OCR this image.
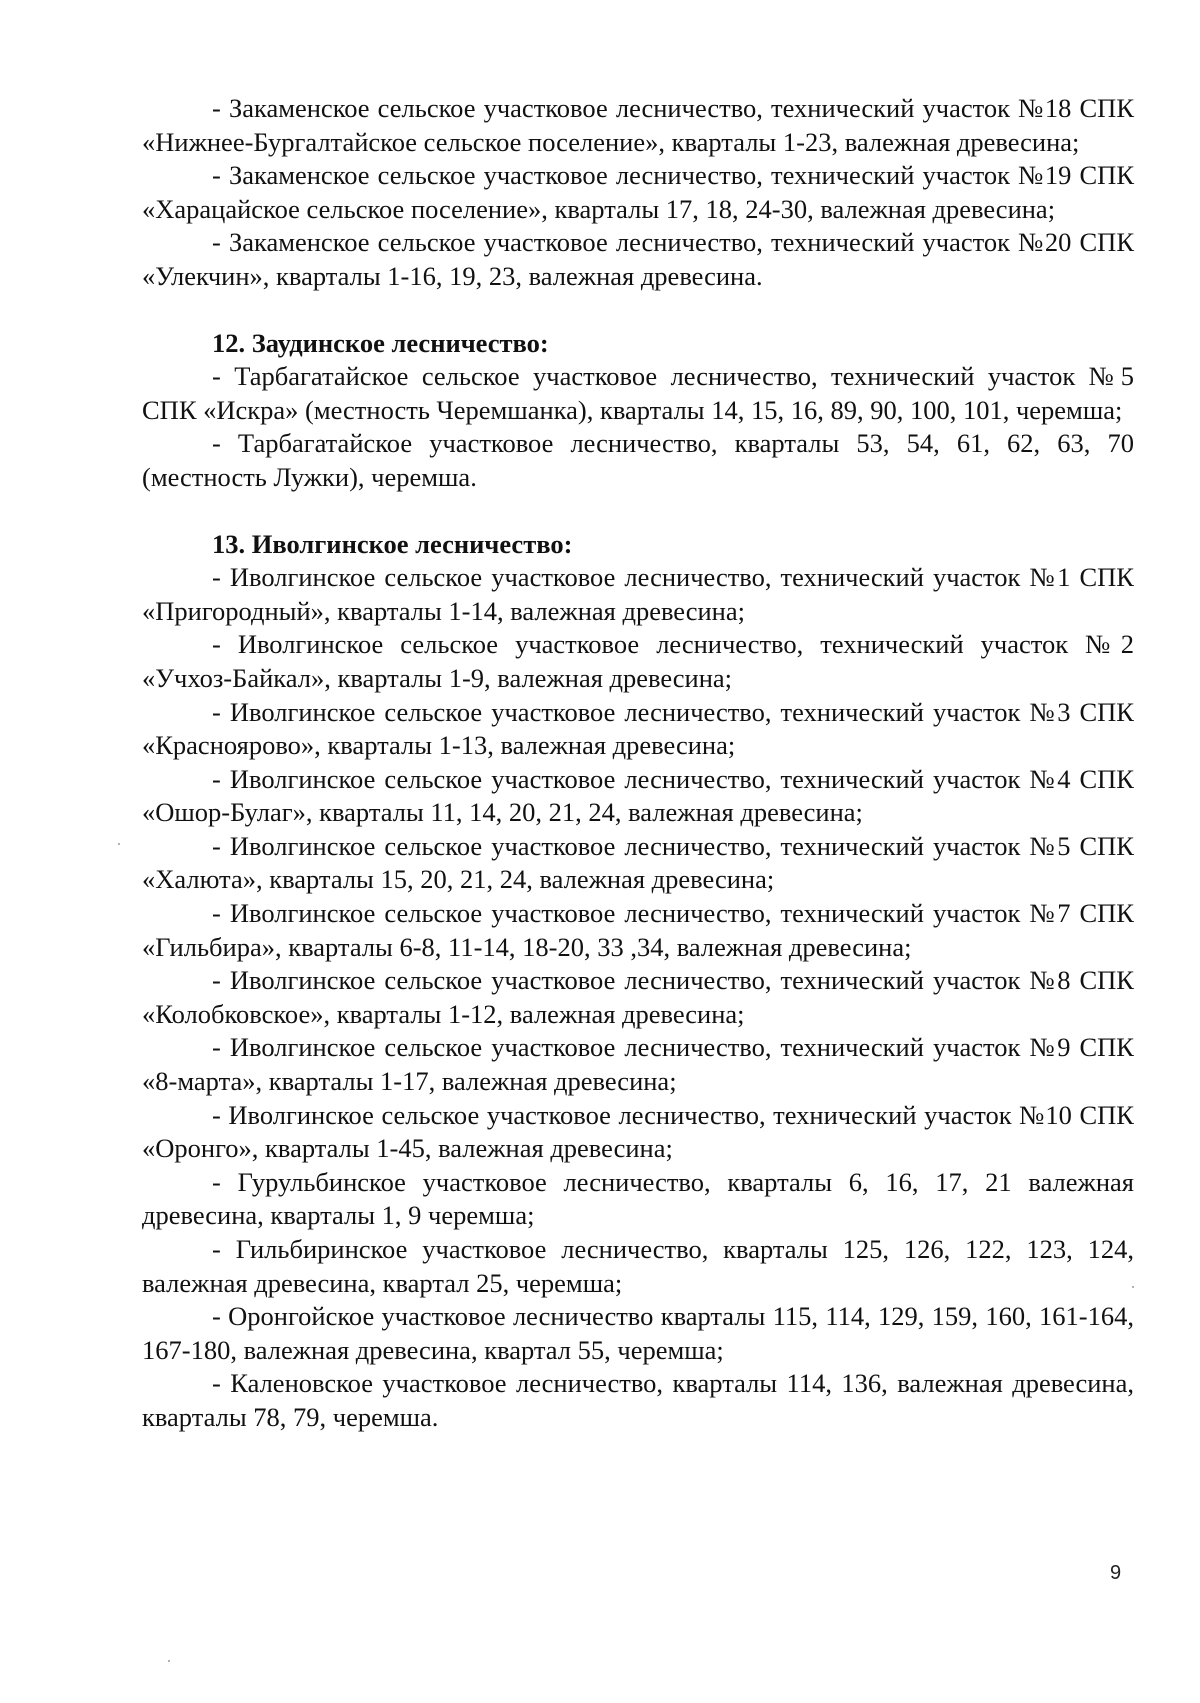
- Закаменское сельское участковое лесничество, технический участок №18 СПК «Нижнее-Бургалтайское сельское поселение», кварталы 1-23, валежная древесина;

- Закаменское сельское участковое лесничество, технический участок №19 СПК «Харацайское сельское поселение», кварталы 17, 18, 24-30, валежная древесина;

- Закаменское сельское участковое лесничество, технический участок №20 СПК «Улекчин», кварталы 1-16, 19, 23, валежная древесина.

12. Заудинское лесничество:

- Тарбагатайское сельское участковое лесничество, технический участок №5 СПК «Искра» (местность Черемшанка), кварталы 14, 15, 16, 89, 90, 100, 101, черемша;

- Тарбагатайское участковое лесничество, кварталы 53, 54, 61, 62, 63, 70 (местность Лужки), черемша.

13. Иволгинское лесничество:

- Иволгинское сельское участковое лесничество, технический участок №1 СПК «Пригородный», кварталы 1-14, валежная древесина;

- Иволгинское сельское участковое лесничество, технический участок №2 «Учхоз-Байкал», кварталы 1-9, валежная древесина;

- Иволгинское сельское участковое лесничество, технический участок №3 СПК «Красноярово», кварталы 1-13, валежная древесина;

- Иволгинское сельское участковое лесничество, технический участок №4 СПК «Ошор-Булаг», кварталы 11, 14, 20, 21, 24, валежная древесина;

- Иволгинское сельское участковое лесничество, технический участок №5 СПК «Халюта», кварталы 15, 20, 21, 24, валежная древесина;

- Иволгинское сельское участковое лесничество, технический участок №7 СПК «Гильбира», кварталы 6-8, 11-14, 18-20, 33 ,34, валежная древесина;

- Иволгинское сельское участковое лесничество, технический участок №8 СПК «Колобковское», кварталы 1-12, валежная древесина;

- Иволгинское сельское участковое лесничество, технический участок №9 СПК «8-марта», кварталы 1-17, валежная древесина;

- Иволгинское сельское участковое лесничество, технический участок №10 СПК «Оронго», кварталы 1-45, валежная древесина;

- Гурульбинское участковое лесничество, кварталы 6, 16, 17, 21 валежная древесина, кварталы 1, 9 черемша;

- Гильбиринское участковое лесничество, кварталы 125, 126, 122, 123, 124, валежная древесина, квартал 25, черемша;

- Оронгойское участковое лесничество кварталы 115, 114, 129, 159, 160, 161-164, 167-180, валежная древесина, квартал 55, черемша;

- Каленовское участковое лесничество, кварталы 114, 136, валежная древесина, кварталы 78, 79, черемша.

9
